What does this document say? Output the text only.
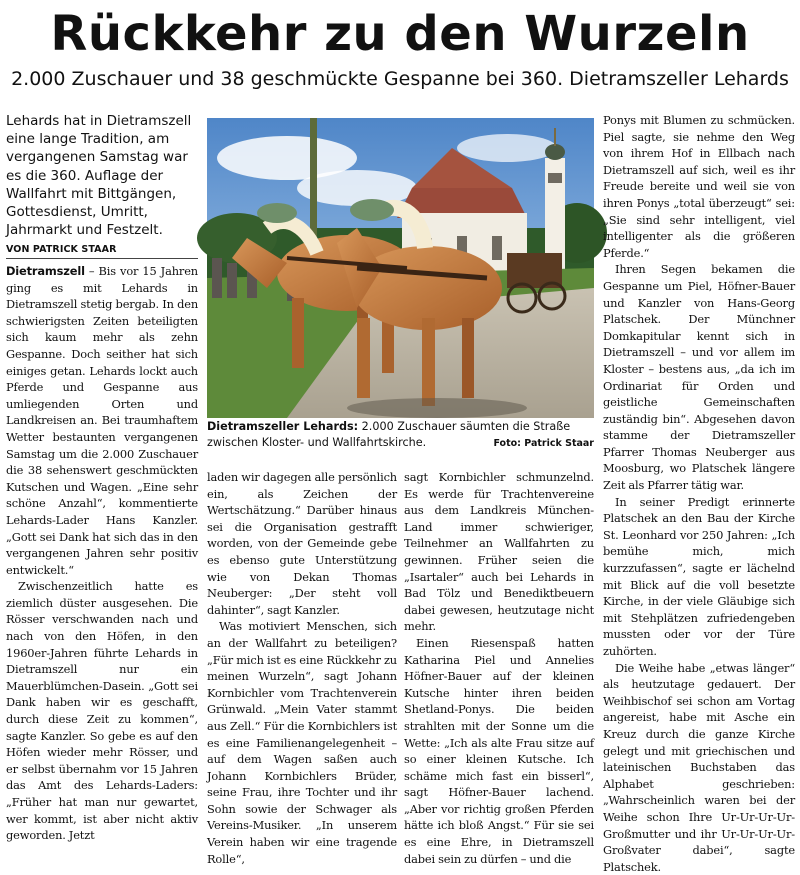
Rückkehr zu den Wurzeln
2.000 Zuschauer und 38 geschmückte Gespanne bei 360. Dietramszeller Lehards
Lehards hat in Dietramszell eine lange Tradition, am vergangenen Samstag war es die 360. Auflage der Wallfahrt mit Bittgängen, Gottesdienst, Umritt, Jahrmarkt und Festzelt.
VON PATRICK STAAR

Dietramszell – Bis vor 15 Jahren ging es mit Lehards in Dietramszell stetig bergab. In den schwierigsten Zeiten beteiligten sich kaum mehr als zehn Gespanne. Doch seither hat sich einiges getan. Lehards lockt auch Pferde und Gespanne aus umliegenden Orten und Landkreisen an. Bei traumhaftem Wetter bestaunten vergangenen Samstag um die 2.000 Zuschauer die 38 sehenswert geschmückten Kutschen und Wagen. „Eine sehr schöne Anzahl“, kommentierte Lehards-Lader Hans Kanzler. „Gott sei Dank hat sich das in den vergangenen Jahren sehr positiv entwickelt.“

Zwischenzeitlich hatte es ziemlich düster ausgesehen. Die Rösser verschwanden nach und nach von den Höfen, in den 1960er-Jahren führte Lehards in Dietramszell nur ein Mauerblümchen-Dasein. „Gott sei Dank haben wir es geschafft, durch diese Zeit zu kommen“, sagte Kanzler. So gebe es auf den Höfen wieder mehr Rösser, und er selbst übernahm vor 15 Jahren das Amt des Lehards-Laders: „Früher hat man nur gewartet, wer kommt, ist aber nicht aktiv geworden. Jetzt

Dietramszeller Lehards: 2.000 Zuschauer säumten die Straße zwischen Kloster- und Wallfahrtskirche.	Foto: Patrick Staar

laden wir dagegen alle persönlich ein, als Zeichen der Wertschätzung.“ Darüber hinaus sei die Organisation gestrafft worden, von der Gemeinde gebe es ebenso gute Unterstützung wie von Dekan Thomas Neuberger: „Der steht voll dahinter“, sagt Kanzler.

Was motiviert Menschen, sich an der Wallfahrt zu beteiligen? „Für mich ist es eine Rückkehr zu meinen Wurzeln“, sagt Johann Kornbichler vom Trachtenverein Grünwald. „Mein Vater stammt aus Zell.“ Für die Kornbichlers ist es eine Familienangelegenheit – auf dem Wagen saßen auch Johann Kornbichlers Brüder, seine Frau, ihre Tochter und ihr Sohn sowie der Schwager als Vereins-Musiker. „In unserem Verein haben wir eine tragende Rolle“,

sagt Kornbichler schmunzelnd. Es werde für Trachtenvereine aus dem Landkreis München-Land immer schwieriger, Teilnehmer an Wallfahrten zu gewinnen. Früher seien die „Isartaler“ auch bei Lehards in Bad Tölz und Benediktbeuern dabei gewesen, heutzutage nicht mehr.

Einen Riesenspaß hatten Katharina Piel und Annelies Höfner-Bauer auf der kleinen Kutsche hinter ihren beiden Shetland-Ponys. Die beiden strahlten mit der Sonne um die Wette: „Ich als alte Frau sitze auf so einer kleinen Kutsche. Ich schäme mich fast ein bisserl“, sagt Höfner-Bauer lachend. „Aber vor richtig großen Pferden hätte ich bloß Angst.“ Für sie sei es eine Ehre, in Dietramszell dabei sein zu dürfen – und die

Ponys mit Blumen zu schmücken. Piel sagte, sie nehme den Weg von ihrem Hof in Ellbach nach Dietramszell auf sich, weil es ihr Freude bereite und weil sie von ihren Ponys „total überzeugt“ sei: „Sie sind sehr intelligent, viel intelligenter als die größeren Pferde.“

Ihren Segen bekamen die Gespanne um Piel, Höfner-Bauer und Kanzler von Hans-Georg Platschek. Der Münchner Domkapitular kennt sich in Dietramszell – und vor allem im Kloster – bestens aus, „da ich im Ordinariat für Orden und geistliche Gemeinschaften zuständig bin“. Abgesehen davon stamme der Dietramszeller Pfarrer Thomas Neuberger aus Moosburg, wo Platschek längere Zeit als Pfarrer tätig war.

In seiner Predigt erinnerte Platschek an den Bau der Kirche St. Leonhard vor 250 Jahren: „Ich bemühe mich, mich kurzzufassen“, sagte er lächelnd mit Blick auf die voll besetzte Kirche, in der viele Gläubige sich mit Stehplätzen zufriedengeben mussten oder vor der Türe zuhörten.

Die Weihe habe „etwas länger“ als heutzutage gedauert. Der Weihbischof sei schon am Vortag angereist, habe mit Asche ein Kreuz durch die ganze Kirche gelegt und mit griechischen und lateinischen Buchstaben das Alphabet geschrieben: „Wahrscheinlich waren bei der Weihe schon Ihre Ur-Ur-Ur-Ur-Großmutter und ihr Ur-Ur-Ur-Ur-Großvater dabei“, sagte Platschek.
